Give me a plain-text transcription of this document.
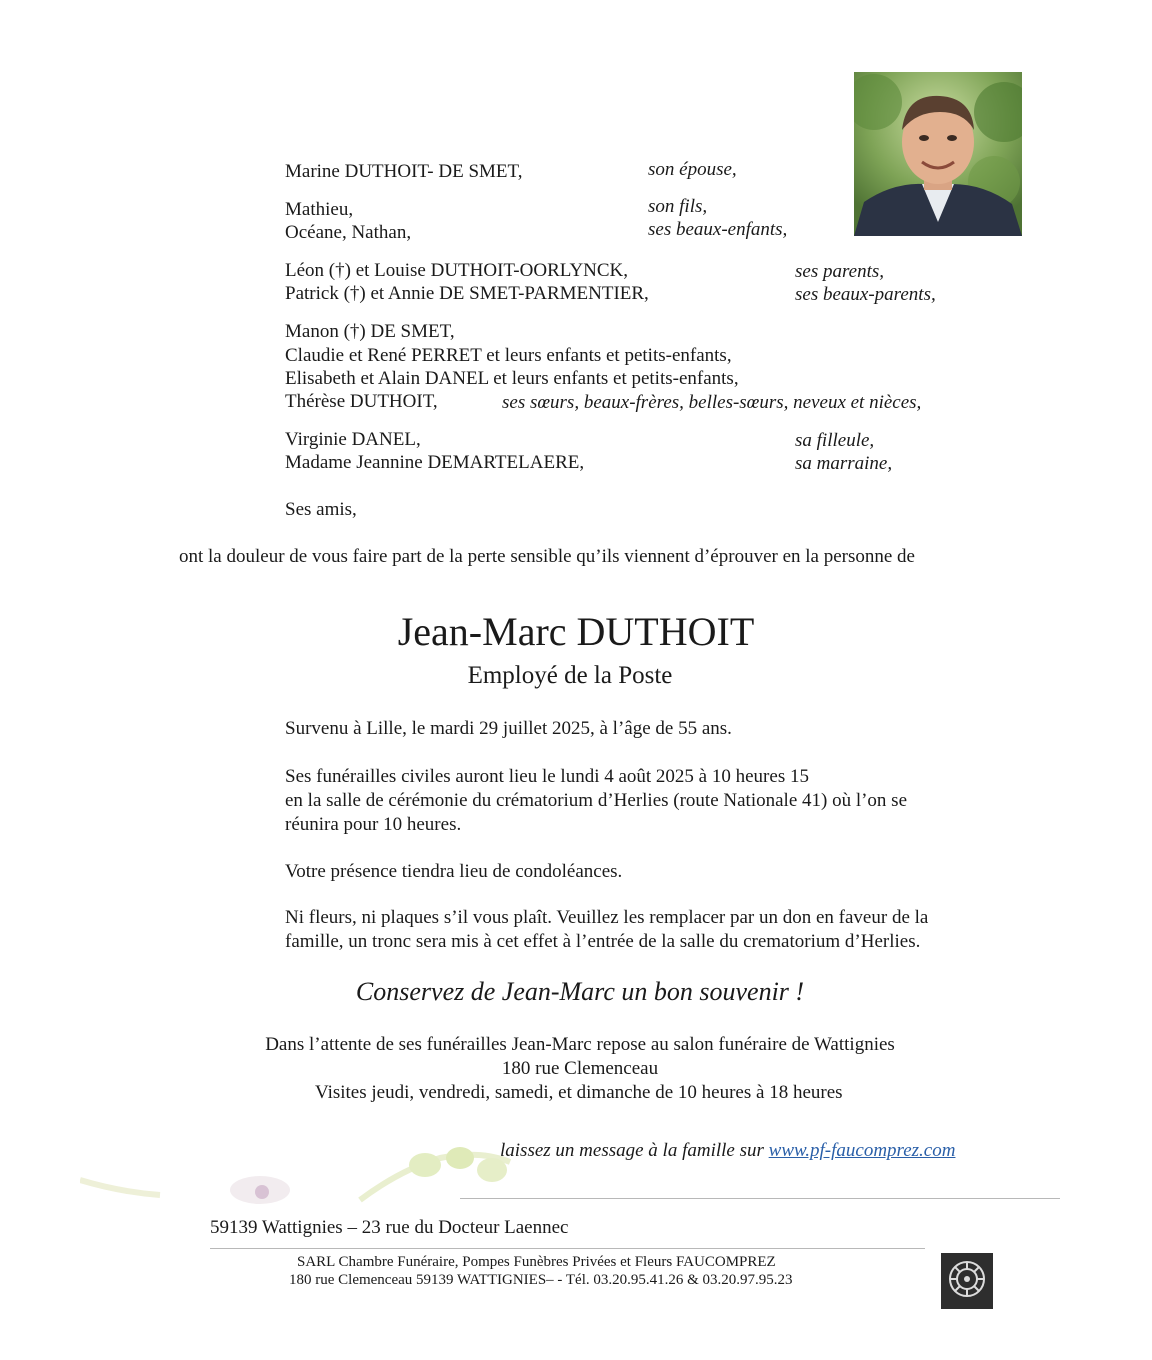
Marine DUTHOIT- DE SMET,	son épouse,
Mathieu,	son fils,
Océane, Nathan,	ses beaux-enfants,
Léon (†) et Louise DUTHOIT-OORLYNCK,	ses parents,
Patrick (†) et Annie DE SMET-PARMENTIER,	ses beaux-parents,
Manon (†) DE SMET,
Claudie et René PERRET et leurs enfants et petits-enfants,
Elisabeth et Alain DANEL et leurs enfants et petits-enfants,
Thérèse DUTHOIT,	ses sœurs, beaux-frères, belles-sœurs, neveux et nièces,
Virginie DANEL,	sa filleule,
Madame Jeannine DEMARTELAERE,	sa marraine,
Ses amis,
ont la douleur de vous faire part de la perte sensible qu’ils viennent d’éprouver en la personne de
Jean-Marc DUTHOIT
Employé de la Poste
Survenu à Lille, le mardi 29 juillet 2025, à l’âge de 55 ans.
Ses funérailles civiles auront lieu le lundi 4 août 2025 à 10 heures 15
en la salle de cérémonie du crématorium d’Herlies (route Nationale 41) où l’on se
réunira pour 10 heures.
Votre présence tiendra lieu de condoléances.
Ni fleurs, ni plaques s’il vous plaît. Veuillez les remplacer par un don en faveur de la
famille, un tronc sera mis à cet effet à l’entrée de la salle du crematorium d’Herlies.
Conservez de Jean-Marc un bon souvenir !
Dans l’attente de ses funérailles Jean-Marc repose au salon funéraire de Wattignies
180 rue Clemenceau
Visites jeudi, vendredi, samedi, et dimanche de 10 heures à 18 heures
laissez un message à la famille sur www.pf-faucomprez.com
59139 Wattignies – 23 rue du Docteur Laennec
SARL Chambre Funéraire, Pompes Funèbres Privées et Fleurs FAUCOMPREZ
180 rue Clemenceau 59139 WATTIGNIES– - Tél. 03.20.95.41.26 & 03.20.97.95.23
